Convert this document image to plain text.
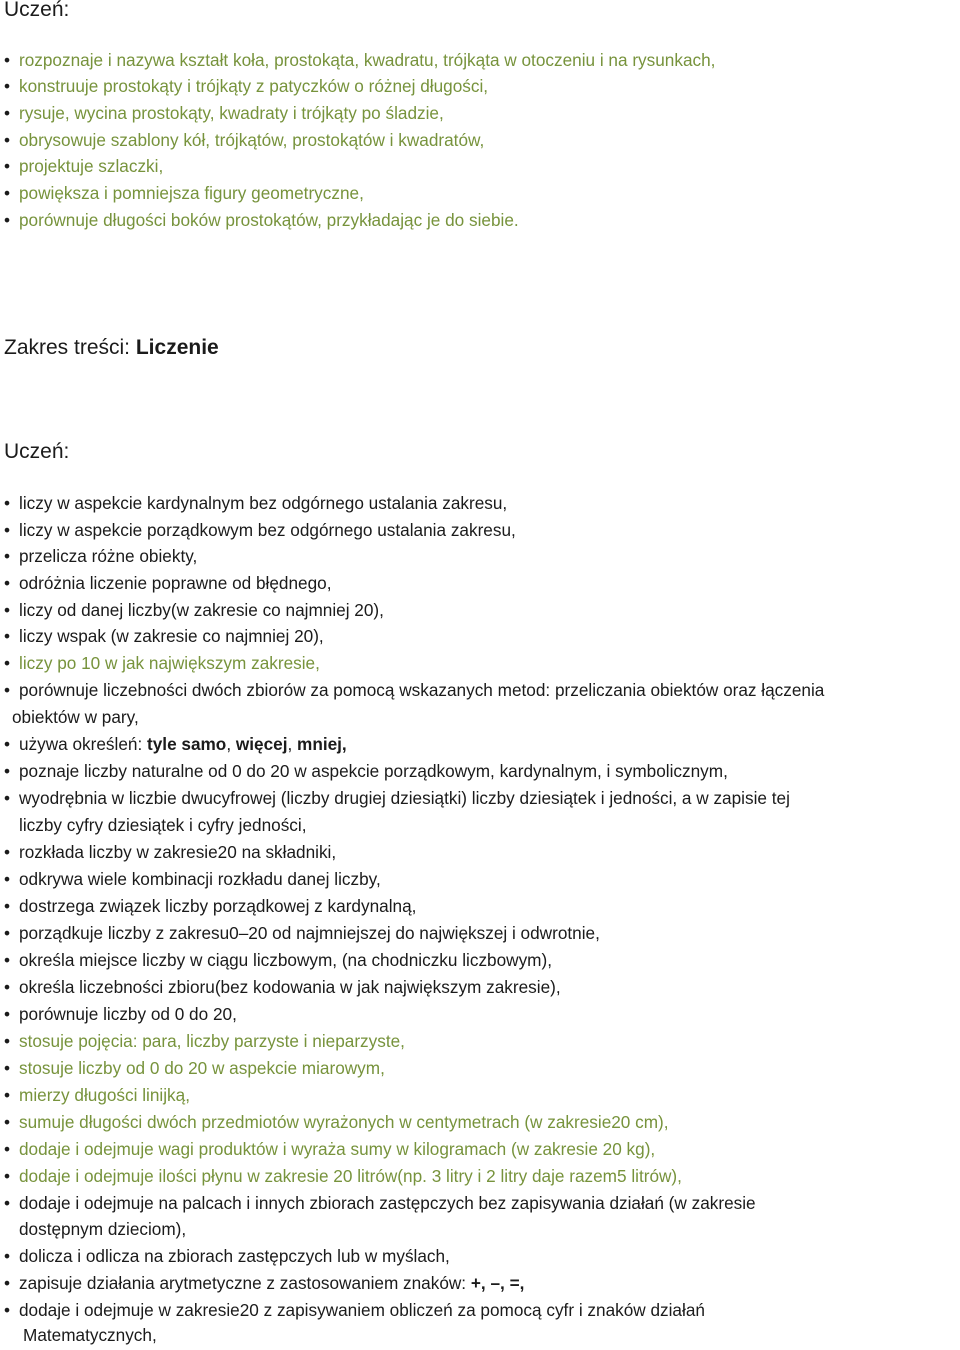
Uczeń:
• rozpoznaje i nazywa kształt koła, prostokąta, kwadratu, trójkąta w otoczeniu i na rysunkach,
• konstruuje prostokąty i trójkąty z patyczków o różnej długości,
• rysuje, wycina prostokąty, kwadraty i trójkąty po śladzie,
• obrysowuje szablony kół, trójkątów, prostokątów i kwadratów,
• projektuje szlaczki,
• powiększa i pomniejsza figury geometryczne,
• porównuje długości boków prostokątów, przykładając je do siebie.
Zakres treści: Liczenie
Uczeń:
• liczy w aspekcie kardynalnym bez odgórnego ustalania zakresu,
• liczy w aspekcie porządkowym bez odgórnego ustalania zakresu,
• przelicza różne obiekty,
• odróżnia liczenie poprawne od błędnego,
• liczy od danej liczby(w zakresie co najmniej 20),
• liczy wspak (w zakresie co najmniej 20),
• liczy po 10 w jak największym zakresie,
• porównuje liczebności dwóch zbiorów za pomocą wskazanych metod: przeliczania obiektów oraz łączenia
obiektów w pary,
• używa określeń: tyle samo, więcej, mniej,
• poznaje liczby naturalne od 0 do 20 w aspekcie porządkowym, kardynalnym, i symbolicznym,
• wyodrębnia w liczbie dwucyfrowej (liczby drugiej dziesiątki) liczby dziesiątek i jedności, a w zapisie tej
liczby cyfry dziesiątek i cyfry jedności,
• rozkłada liczby w zakresie20 na składniki,
• odkrywa wiele kombinacji rozkładu danej liczby,
• dostrzega związek liczby porządkowej z kardynalną,
• porządkuje liczby z zakresu0–20 od najmniejszej do największej i odwrotnie,
• określa miejsce liczby w ciągu liczbowym, (na chodniczku liczbowym),
• określa liczebności zbioru(bez kodowania w jak największym zakresie),
• porównuje liczby od 0 do 20,
• stosuje pojęcia: para, liczby parzyste i nieparzyste,
• stosuje liczby od 0 do 20 w aspekcie miarowym,
• mierzy długości linijką,
• sumuje długości dwóch przedmiotów wyrażonych w centymetrach (w zakresie20 cm),
• dodaje i odejmuje wagi produktów i wyraża sumy w kilogramach (w zakresie 20 kg),
• dodaje i odejmuje ilości płynu w zakresie 20 litrów(np. 3 litry i 2 litry daje razem5 litrów),
• dodaje i odejmuje na palcach i innych zbiorach zastępczych bez zapisywania działań (w zakresie
dostępnym dzieciom),
• dolicza i odlicza na zbiorach zastępczych lub w myślach,
• zapisuje działania arytmetyczne z zastosowaniem znaków: +, –, =,
• dodaje i odejmuje w zakresie20 z zapisywaniem obliczeń za pomocą cyfr i znaków działań
Matematycznych,
